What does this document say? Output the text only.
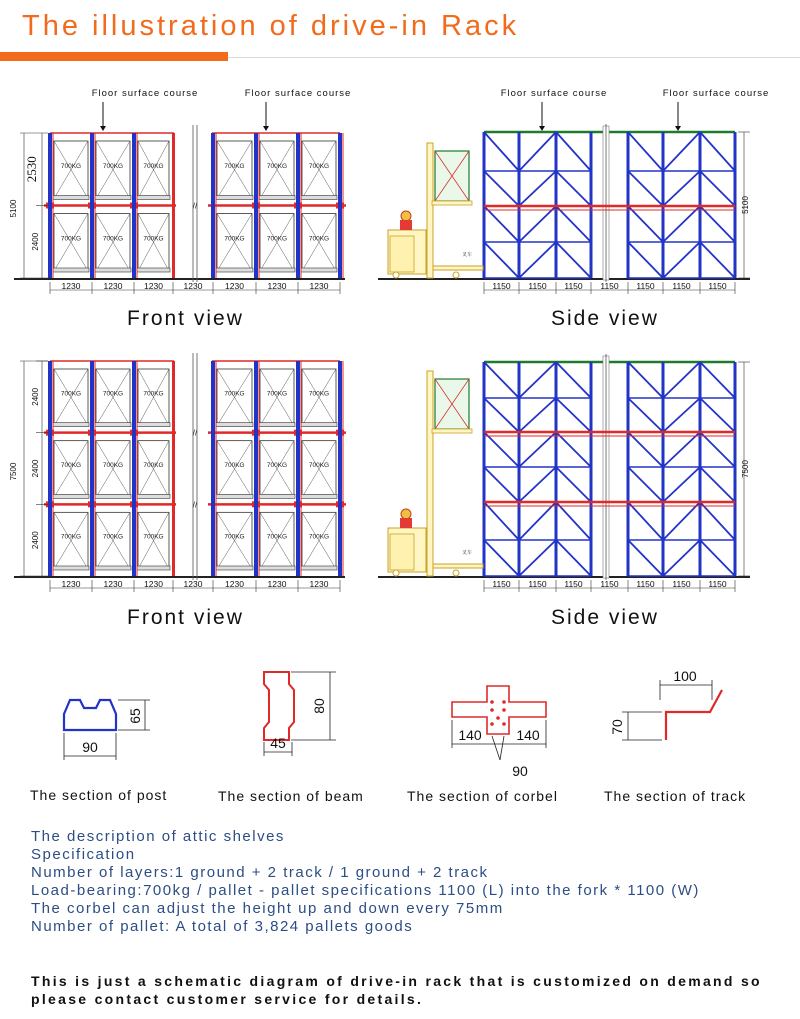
The illustration of drive-in Rack
Floor surface course	Floor surface course	Floor surface course	Floor surface course
700KG
700KG
700KG
700KG
700KG
700KG
700KG
700KG
700KG
700KG
700KG
700KG
//
5100
2530
2400
1230	1230	1230 1230	1230	1230	1230
叉车
5100
1150 1150 1150 1150 1150 1150 1150
700KG
700KG
700KG
700KG
700KG
700KG
700KG
700KG
700KG
700KG
700KG
700KG
700KG
700KG
700KG
700KG
700KG
700KG
//
//
7500
2400
2400
2400
1230	1230	1230 1230	1230	1230	1230
叉车
7500
1150 1150 1150 1150 1150 1150 1150
90
65
80
45	140 140
90
100
70
Front view	Side view
Front view	Side view
The section of post	The section of beam	The section of corbel	The section of track
The description of attic shelves
Specification
Number of layers:1 ground + 2 track / 1 ground + 2 track
Load-bearing:700kg / pallet - pallet specifications 1100 (L) into the fork * 1100 (W)
The corbel can adjust the height up and down every 75mm
Number of pallet: A total of 3,824 pallets goods
This is just a schematic diagram of drive-in rack that is customized on demand so please contact customer service for details.
